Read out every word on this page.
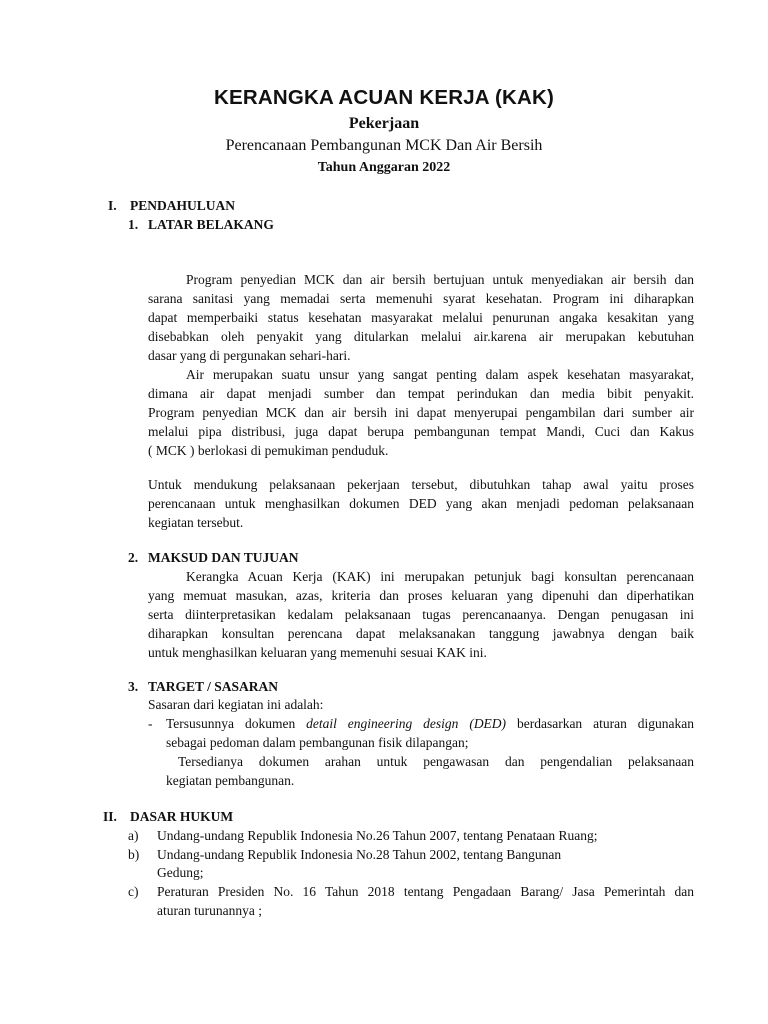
KERANGKA ACUAN KERJA (KAK)
Pekerjaan
Perencanaan Pembangunan MCK Dan Air Bersih
Tahun Anggaran 2022
I. PENDAHULUAN
1. LATAR BELAKANG
Program penyedian MCK dan air bersih bertujuan untuk menyediakan air bersih dan
sarana sanitasi yang memadai serta memenuhi syarat kesehatan. Program ini diharapkan
dapat memperbaiki status kesehatan masyarakat melalui penurunan angaka kesakitan yang
disebabkan oleh penyakit yang ditularkan melalui air.karena air merupakan kebutuhan
dasar yang di pergunakan sehari-hari.
Air merupakan suatu unsur yang sangat penting dalam aspek kesehatan masyarakat,
dimana air dapat menjadi sumber dan tempat perindukan dan media bibit penyakit.
Program penyedian MCK dan air bersih ini dapat menyerupai pengambilan dari sumber air
melalui pipa distribusi, juga dapat berupa pembangunan tempat Mandi, Cuci dan Kakus
( MCK ) berlokasi di pemukiman penduduk.
Untuk mendukung pelaksanaan pekerjaan tersebut, dibutuhkan tahap awal yaitu proses
perencanaan untuk menghasilkan dokumen DED yang akan menjadi pedoman pelaksanaan
kegiatan tersebut.
2. MAKSUD DAN TUJUAN
Kerangka Acuan Kerja (KAK) ini merupakan petunjuk bagi konsultan perencanaan
yang memuat masukan, azas, kriteria dan proses keluaran yang dipenuhi dan diperhatikan
serta diinterpretasikan kedalam pelaksanaan tugas perencanaanya. Dengan penugasan ini
diharapkan konsultan perencana dapat melaksanakan tanggung jawabnya dengan baik
untuk menghasilkan keluaran yang memenuhi sesuai KAK ini.
3. TARGET / SASARAN
Sasaran dari kegiatan ini adalah:
- Tersusunnya dokumen detail engineering design (DED) berdasarkan aturan digunakan
sebagai pedoman dalam pembangunan fisik dilapangan;
Tersedianya dokumen arahan untuk pengawasan dan pengendalian pelaksanaan
kegiatan pembangunan.
II. DASAR HUKUM
a) Undang-undang Republik Indonesia No.26 Tahun 2007, tentang Penataan Ruang;
b) Undang-undang Republik Indonesia No.28 Tahun 2002, tentang Bangunan
Gedung;
c) Peraturan Presiden No. 16 Tahun 2018 tentang Pengadaan Barang/ Jasa Pemerintah dan
aturan turunannya ;
